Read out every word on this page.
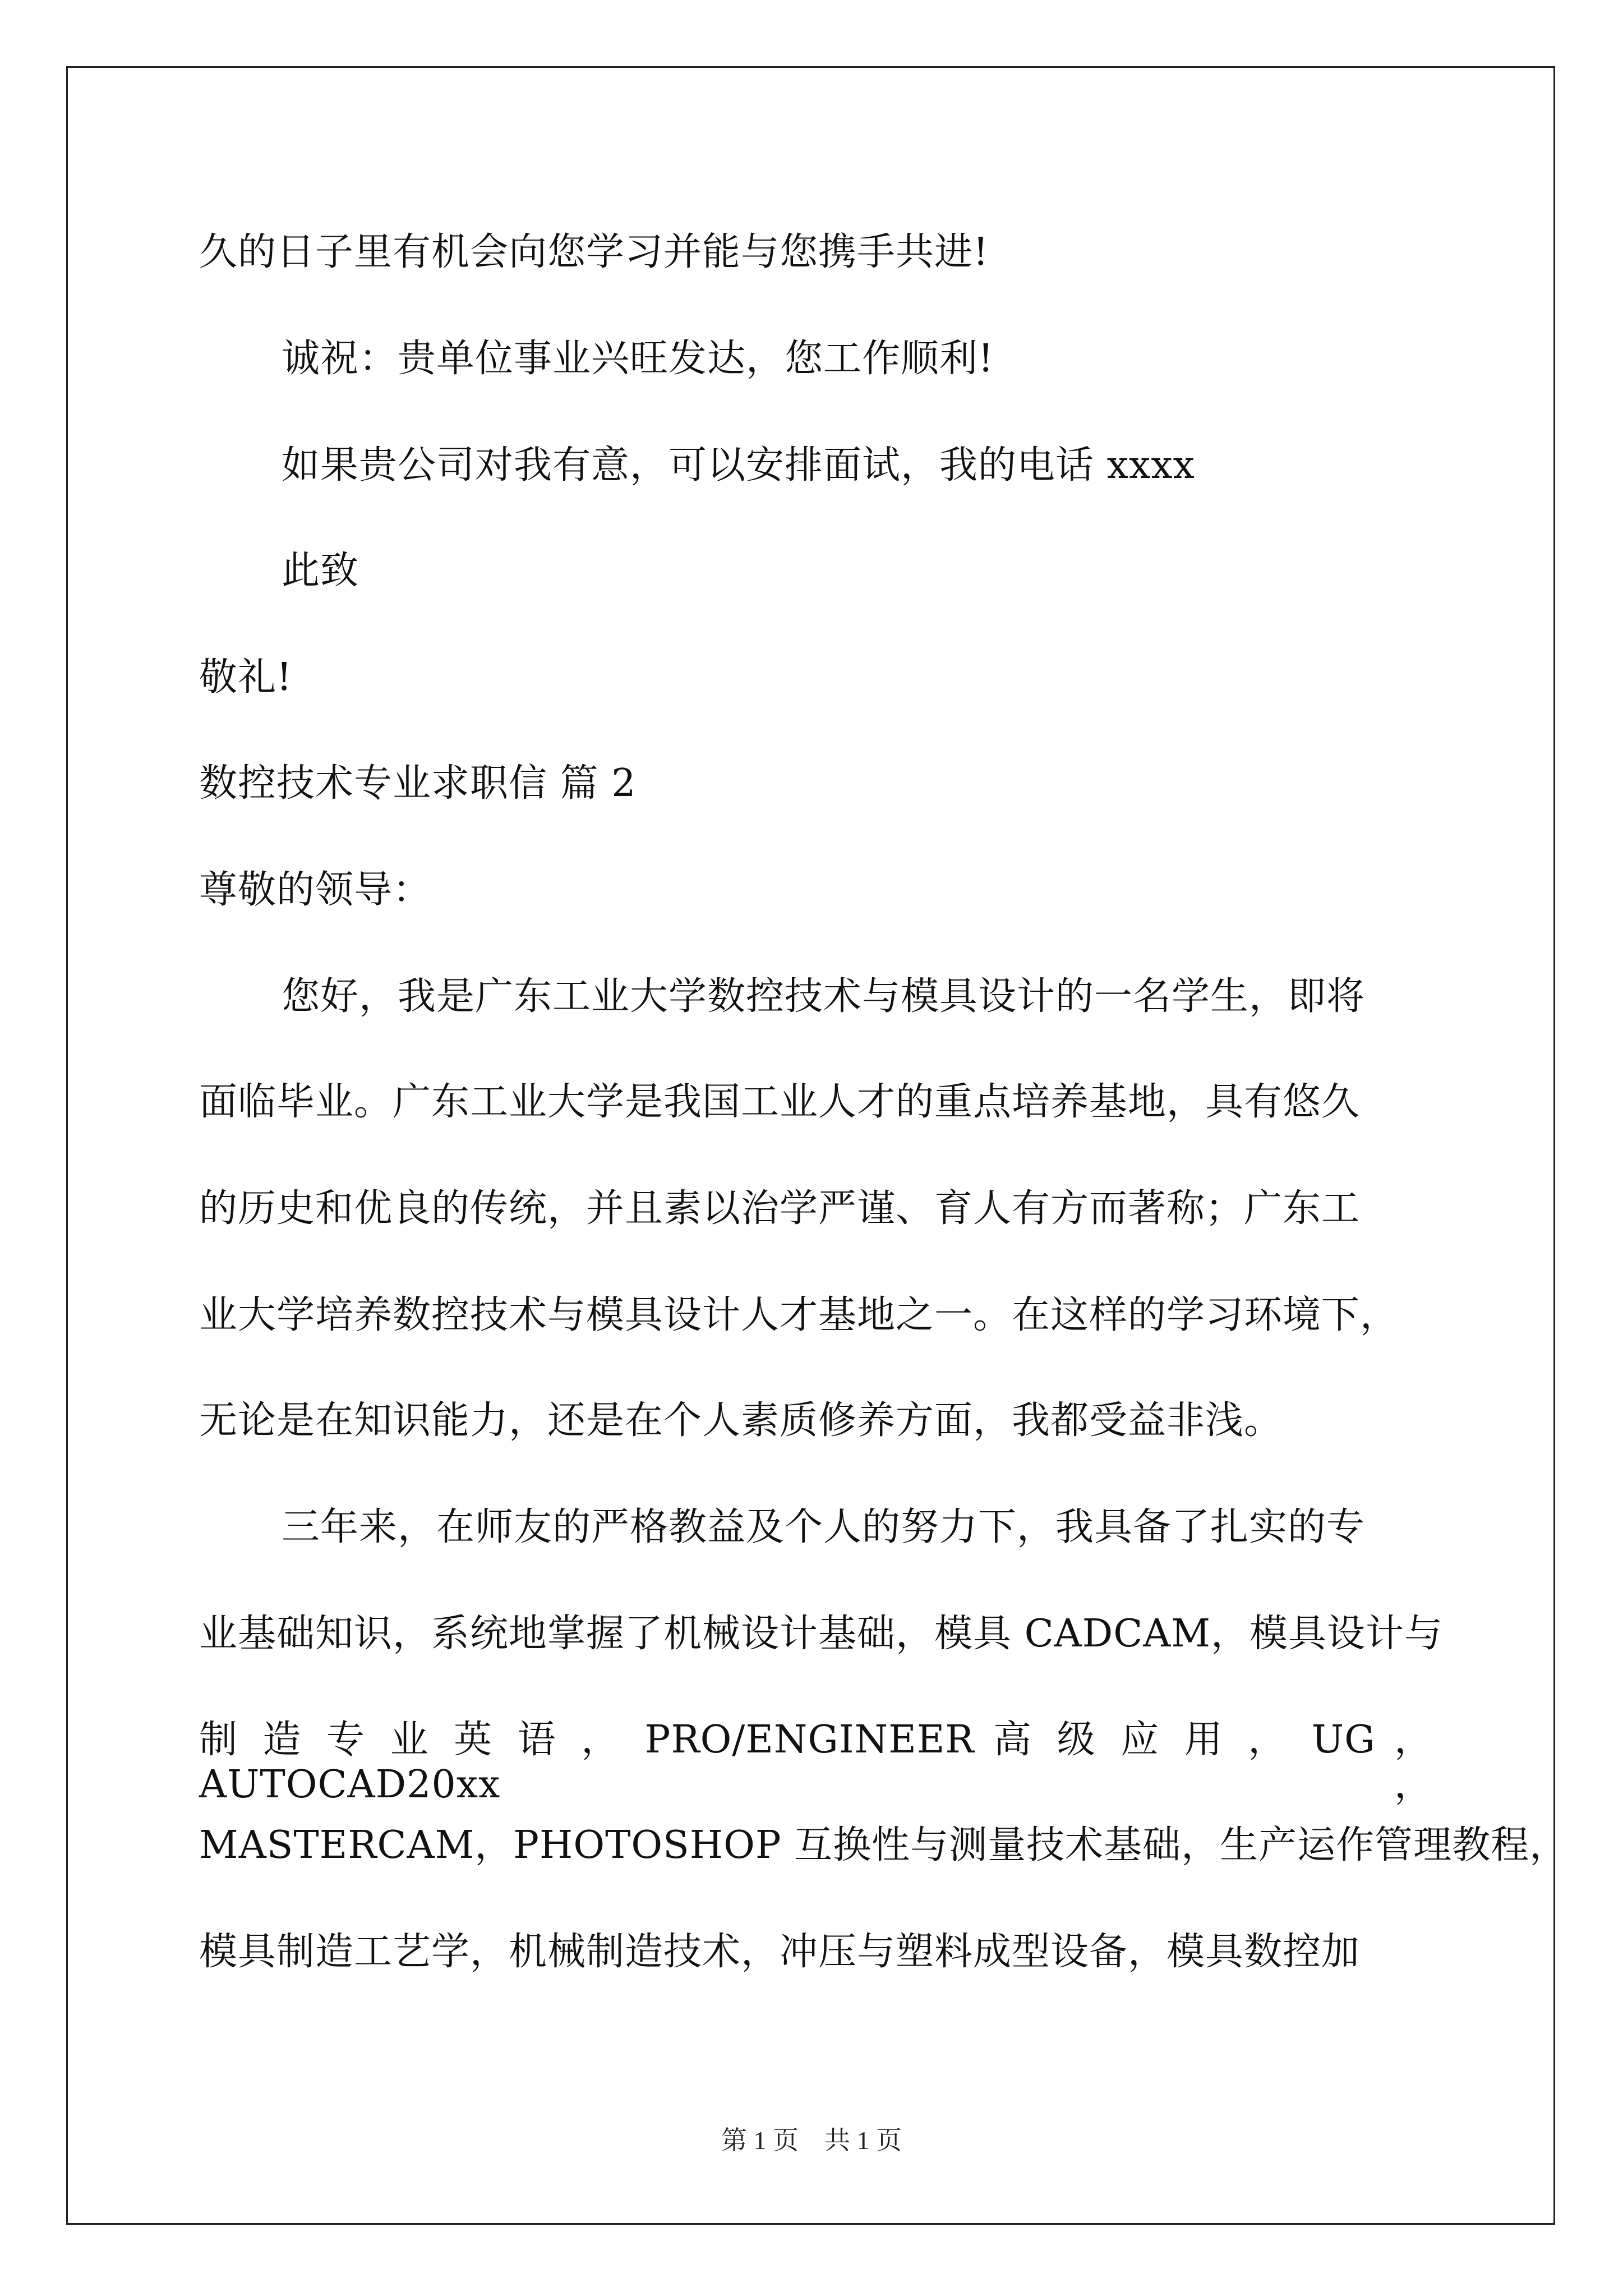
久的日子里有机会向您学习并能与您携手共进!
诚祝：贵单位事业兴旺发达，您工作顺利!
如果贵公司对我有意，可以安排面试，我的电话 xxxx
此致
敬礼!
数控技术专业求职信 篇 2
尊敬的领导：
您好，我是广东工业大学数控技术与模具设计的一名学生，即将
面临毕业。广东工业大学是我国工业人才的重点培养基地，具有悠久
的历史和优良的传统，并且素以治学严谨、育人有方而著称；广东工
业大学培养数控技术与模具设计人才基地之一。在这样的学习环境下，
无论是在知识能力，还是在个人素质修养方面，我都受益非浅。
三年来，在师友的严格教益及个人的努力下，我具备了扎实的专
业基础知识，系统地掌握了机械设计基础，模具 CADCAM，模具设计与
制 造 专 业 英 语 ， PRO/ENGINEER 高 级 应 用 ， UG ， AUTOCAD20xx ，
MASTERCAM，PHOTOSHOP 互换性与测量技术基础，生产运作管理教程，
模具制造工艺学，机械制造技术，冲压与塑料成型设备，模具数控加
第 1 页　共 1 页
